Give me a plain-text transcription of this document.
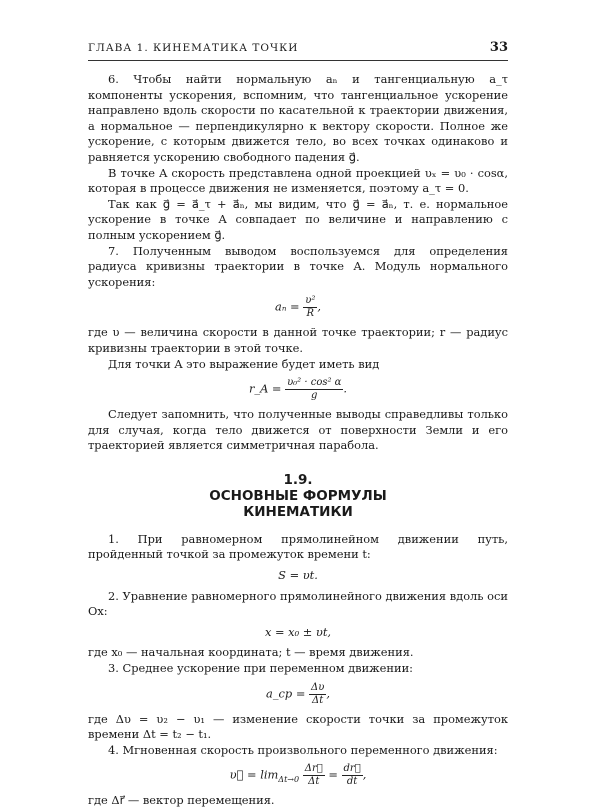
ГЛАВА 1. КИНЕМАТИКА ТОЧКИ	33

6. Чтобы найти нормальную aₙ и тангенциальную a_τ компоненты ускорения, вспомним, что тангенциальное ускорение направлено вдоль скорости по касательной к траектории движения, а нормальное — перпендикулярно к вектору скорости. Полное же ускорение, с которым движется тело, во всех точках одинаково и равняется ускорению свободного падения g⃗.

В точке A скорость представлена одной проекцией υₓ = υ₀ · cosα, которая в процессе движения не изменяется, поэтому a_τ = 0.

Так как g⃗ = a⃗_τ + a⃗ₙ, мы видим, что g⃗ = a⃗ₙ, т. е. нормальное ускорение в точке A совпадает по величине и направлению с полным ускорением g⃗.

7. Полученным выводом воспользуемся для определения радиуса кривизны траектории в точке A. Модуль нормального ускорения:

$a_n = \frac{\text{υ²}}{R}$ ,

где υ — величина скорости в данной точке траектории; r — радиус кривизны траектории в этой точке.

Для точки A это выражение будет иметь вид

r_A = $\frac{\text{υ₀² · cos² α}}{g}$ .

Следует запомнить, что полученные выводы справедливы только для случая, когда тело движется от поверхности Земли и его траекторией является симметричная парабола.

1.9.
ОСНОВНЫЕ ФОРМУЛЫ
КИНЕМАТИКИ

1. При равномерном прямолинейном движении путь, пройденный точкой за промежуток времени t:

S = υt.

2. Уравнение равномерного прямолинейного движения вдоль оси Ox:

x = x₀ ± υt,

где x₀ — начальная координата; t — время движения.

3. Среднее ускорение при переменном движении:

a_ср = $\frac{\Delta\upsilon}{\Delta t}$ ,

где Δυ = υ₂ − υ₁ — изменение скорости точки за промежуток времени Δt = t₂ − t₁.

4. Мгновенная скорость произвольного переменного движения:

υ⃗ = $\lim_{\Delta t\to 0} \frac{\Delta r⃗}{\Delta t} = \frac{dr⃗}{dt}$ ,

где Δr⃗ — вектор перемещения.
